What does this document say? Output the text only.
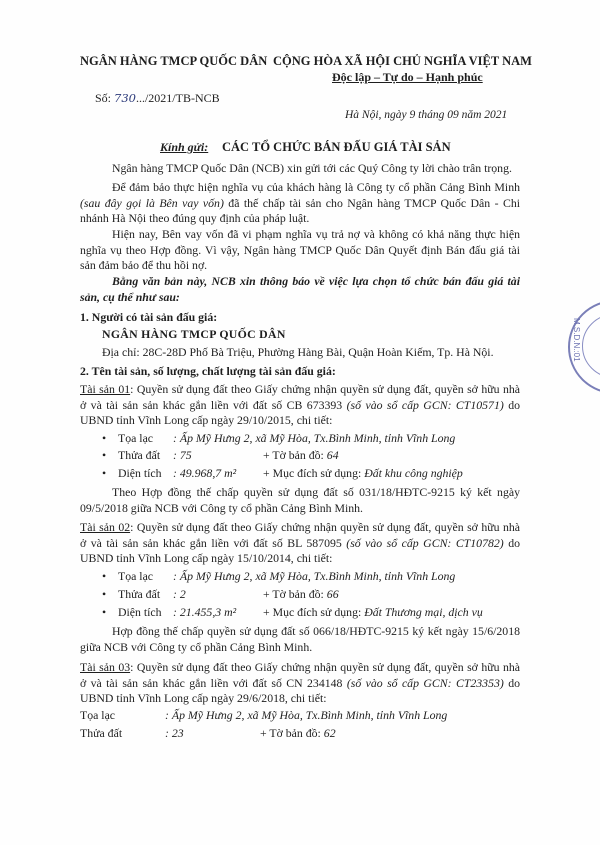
NGÂN HÀNG TMCP QUỐC DÂN CỘNG HÒA XÃ HỘI CHỦ NGHĨA VIỆT NAM
Độc lập – Tự do – Hạnh phúc
Số: 730.../2021/TB-NCB
Hà Nội, ngày 9 tháng 09 năm 2021
Kính gửi: CÁC TỔ CHỨC BÁN ĐẤU GIÁ TÀI SẢN
Ngân hàng TMCP Quốc Dân (NCB) xin gửi tới các Quý Công ty lời chào trân trọng.
Để đảm bảo thực hiện nghĩa vụ của khách hàng là Công ty cổ phần Cảng Bình Minh (sau đây gọi là Bên vay vốn) đã thế chấp tài sản cho Ngân hàng TMCP Quốc Dân - Chi nhánh Hà Nội theo đúng quy định của pháp luật.
Hiện nay, Bên vay vốn đã vi phạm nghĩa vụ trả nợ và không có khả năng thực hiện nghĩa vụ theo Hợp đồng. Vì vậy, Ngân hàng TMCP Quốc Dân Quyết định Bán đấu giá tài sản đảm bảo để thu hồi nợ.
Bằng văn bản này, NCB xin thông báo về việc lựa chọn tổ chức bán đấu giá tài sản, cụ thể như sau:
1. Người có tài sản đấu giá:
NGÂN HÀNG TMCP QUỐC DÂN
Địa chỉ: 28C-28D Phố Bà Triệu, Phường Hàng Bài, Quận Hoàn Kiếm, Tp. Hà Nội.
2. Tên tài sản, số lượng, chất lượng tài sản đấu giá:
Tài sản 01: Quyền sử dụng đất theo Giấy chứng nhận quyền sử dụng đất, quyền sở hữu nhà ở và tài sản sản khác gắn liền với đất số CB 673393 (số vào sổ cấp GCN: CT10571) do UBND tỉnh Vĩnh Long cấp ngày 29/10/2015, chi tiết:
• Tọa lạc : Ấp Mỹ Hưng 2, xã Mỹ Hòa, Tx.Bình Minh, tỉnh Vĩnh Long
• Thửa đất : 75	+ Tờ bản đồ: 64
• Diện tích : 49.968,7 m² + Mục đích sử dụng: Đất khu công nghiệp
Theo Hợp đồng thế chấp quyền sử dụng đất số 031/18/HĐTC-9215 ký kết ngày 09/5/2018 giữa NCB với Công ty cổ phần Cảng Bình Minh.
Tài sản 02: Quyền sử dụng đất theo Giấy chứng nhận quyền sử dụng đất, quyền sở hữu nhà ở và tài sản sản khác gắn liền với đất số BL 587095 (số vào sổ cấp GCN: CT10782) do UBND tỉnh Vĩnh Long cấp ngày 15/10/2014, chi tiết:
• Tọa lạc : Ấp Mỹ Hưng 2, xã Mỹ Hòa, Tx.Bình Minh, tỉnh Vĩnh Long
• Thửa đất : 2	+ Tờ bản đồ: 66
• Diện tích : 21.455,3 m² + Mục đích sử dụng: Đất Thương mại, dịch vụ
Hợp đồng thế chấp quyền sử dụng đất số 066/18/HĐTC-9215 ký kết ngày 15/6/2018 giữa NCB với Công ty cổ phần Cảng Bình Minh.
Tài sản 03: Quyền sử dụng đất theo Giấy chứng nhận quyền sử dụng đất, quyền sở hữu nhà ở và tài sản sản khác gắn liền với đất số CN 234148 (số vào sổ cấp GCN: CT23353) do UBND tỉnh Vĩnh Long cấp ngày 29/6/2018, chi tiết:
Tọa lạc	: Ấp Mỹ Hưng 2, xã Mỹ Hòa, Tx.Bình Minh, tỉnh Vĩnh Long
Thửa đất	: 23	+ Tờ bản đồ: 62
M.S.D.N.:01
